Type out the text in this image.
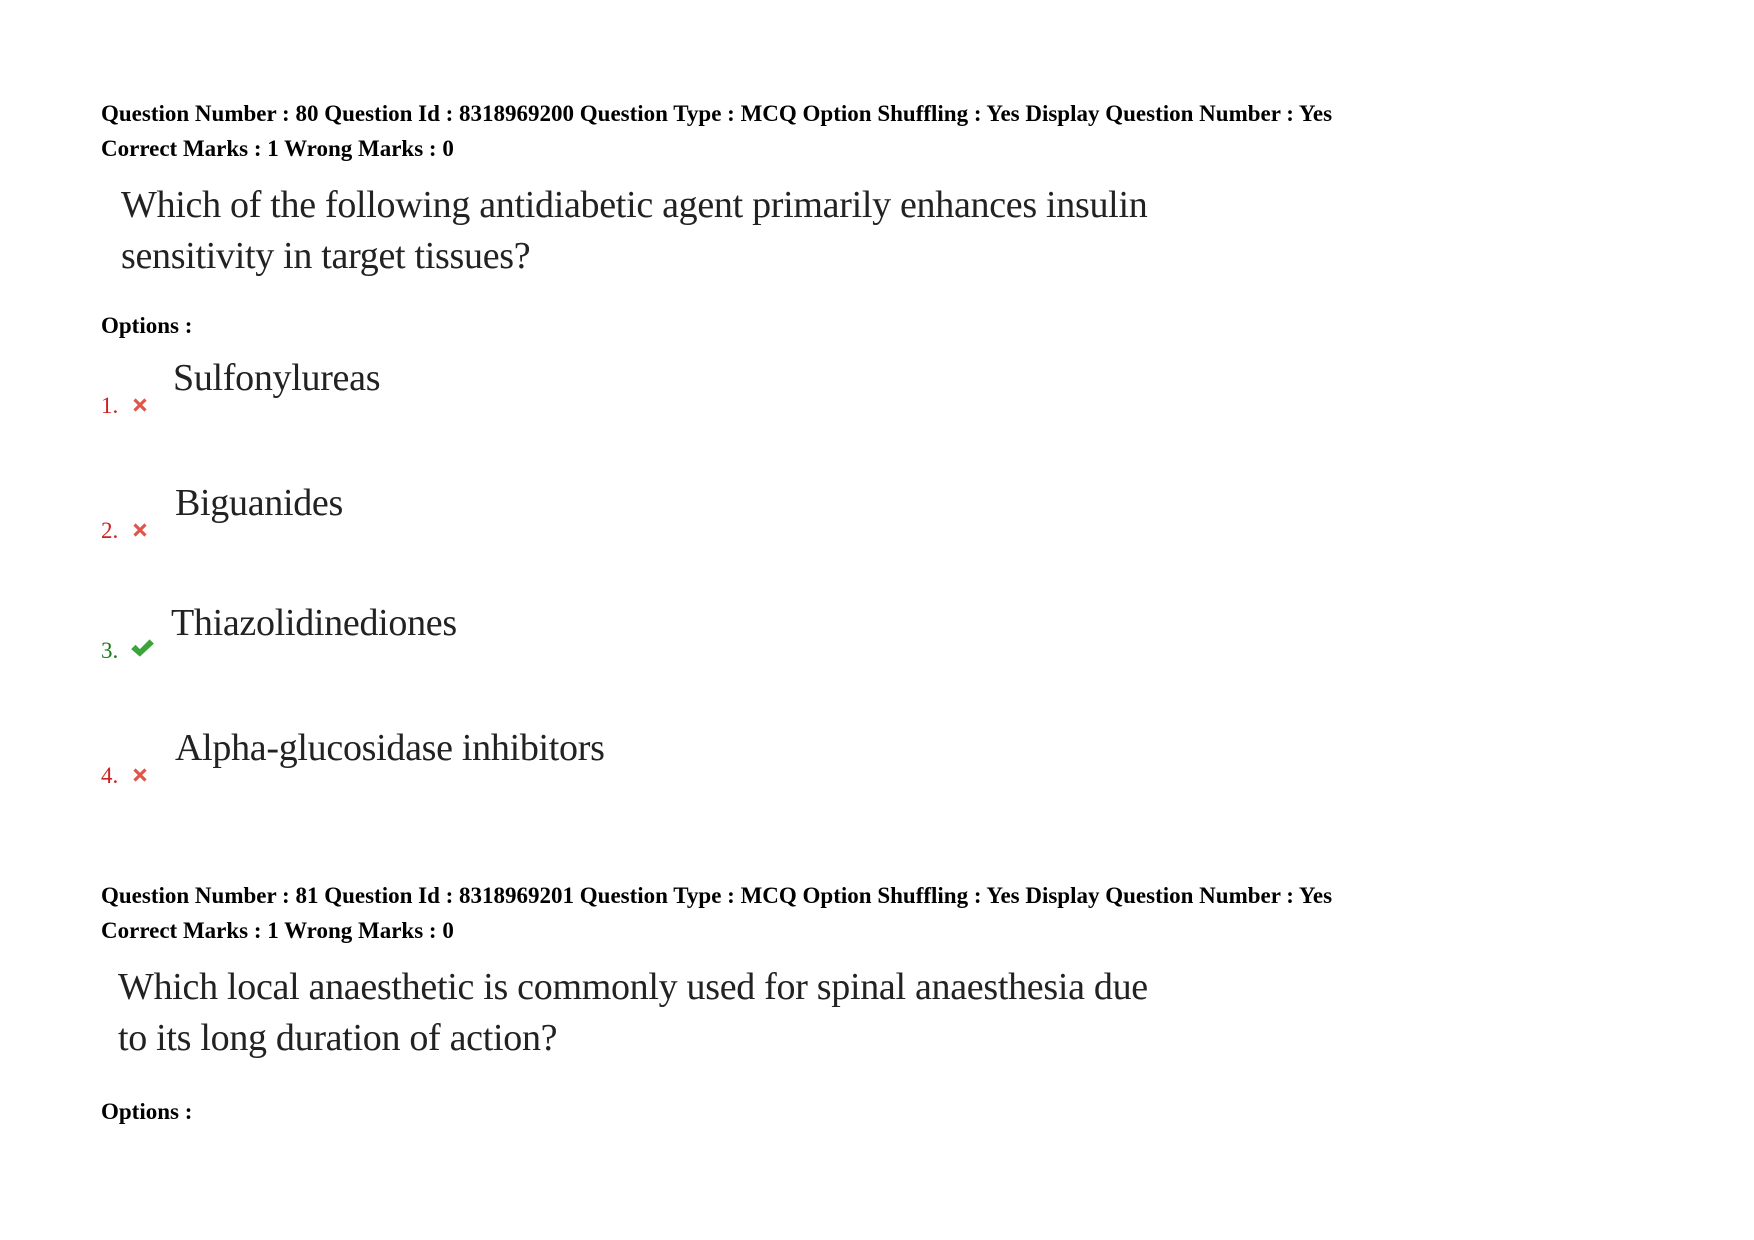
Question Number : 80 Question Id : 8318969200 Question Type : MCQ Option Shuffling : Yes Display Question Number : Yes
Correct Marks : 1 Wrong Marks : 0
Which of the following antidiabetic agent primarily enhances insulin
sensitivity in target tissues?
Options :
Sulfonylureas
1.
Biguanides
2.
Thiazolidinediones
3.
Alpha-glucosidase inhibitors
4.
Question Number : 81 Question Id : 8318969201 Question Type : MCQ Option Shuffling : Yes Display Question Number : Yes
Correct Marks : 1 Wrong Marks : 0
Which local anaesthetic is commonly used for spinal anaesthesia due
to its long duration of action?
Options :
